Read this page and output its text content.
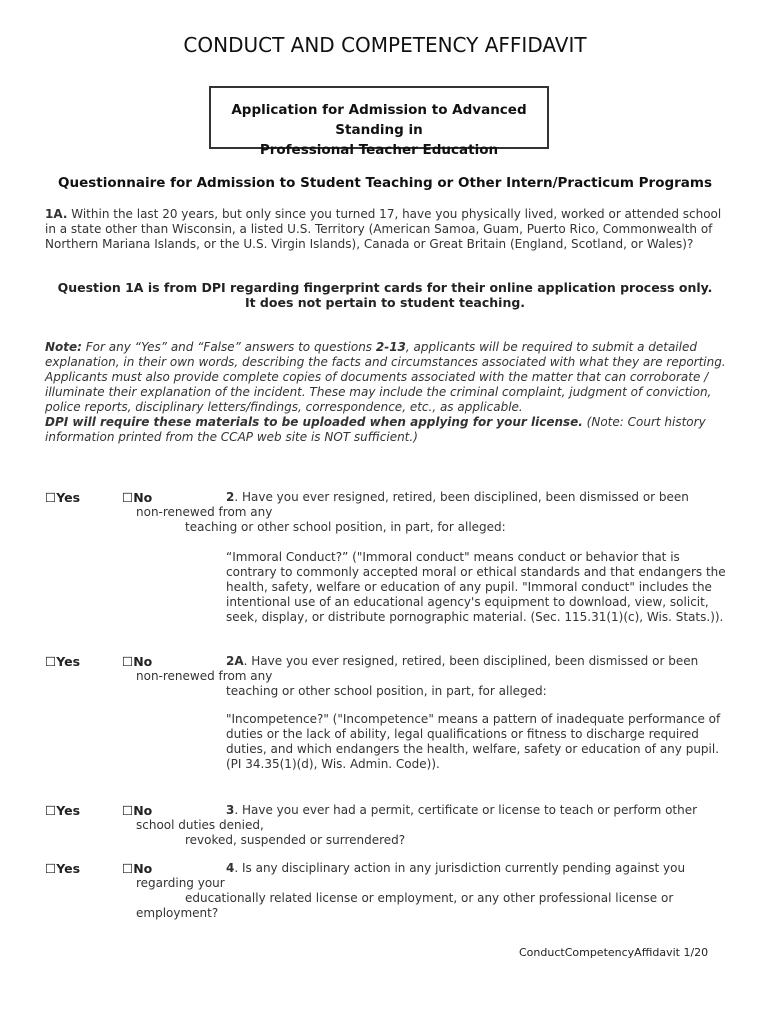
CONDUCT AND COMPETENCY AFFIDAVIT
Application for Admission to Advanced
Standing in
Professional Teacher Education
Questionnaire for Admission to Student Teaching or Other Intern/Practicum Programs
1A. Within the last 20 years, but only since you turned 17, have you physically lived, worked or attended school in a state other than Wisconsin, a listed U.S. Territory (American Samoa, Guam, Puerto Rico, Commonwealth of Northern Mariana Islands, or the U.S. Virgin Islands), Canada or Great Britain (England, Scotland, or Wales)?
Question 1A is from DPI regarding fingerprint cards for their online application process only.
It does not pertain to student teaching.
Note: For any “Yes” and “False” answers to questions 2-13, applicants will be required to submit a detailed explanation, in their own words, describing the facts and circumstances associated with what they are reporting. Applicants must also provide complete copies of documents associated with the matter that can corroborate / illuminate their explanation of the incident. These may include the criminal complaint, judgment of conviction, police reports, disciplinary letters/findings, correspondence, etc., as applicable.
DPI will require these materials to be uploaded when applying for your license. (Note: Court history information printed from the CCAP web site is NOT sufficient.)
☐Yes	☐No	2. Have you ever resigned, retired, been disciplined, been dismissed or been
non-renewed from any
teaching or other school position, in part, for alleged:
“Immoral Conduct?” ("Immoral conduct" means conduct or behavior that is contrary to commonly accepted moral or ethical standards and that endangers the health, safety, welfare or education of any pupil. "Immoral conduct" includes the intentional use of an educational agency's equipment to download, view, solicit, seek, display, or distribute pornographic material. (Sec. 115.31(1)(c), Wis. Stats.)).
☐Yes	☐No	2A. Have you ever resigned, retired, been disciplined, been dismissed or been
non-renewed from any
teaching or other school position, in part, for alleged:
"Incompetence?" ("Incompetence" means a pattern of inadequate performance of duties or the lack of ability, legal qualifications or fitness to discharge required duties, and which endangers the health, welfare, safety or education of any pupil. (PI 34.35(1)(d), Wis. Admin. Code)).
☐Yes	☐No	3. Have you ever had a permit, certificate or license to teach or perform other
school duties denied,
revoked, suspended or surrendered?
☐Yes	☐No	4. Is any disciplinary action in any jurisdiction currently pending against you
regarding your
educationally related license or employment, or any other professional license or
employment?
ConductCompetencyAffidavit 1/20
